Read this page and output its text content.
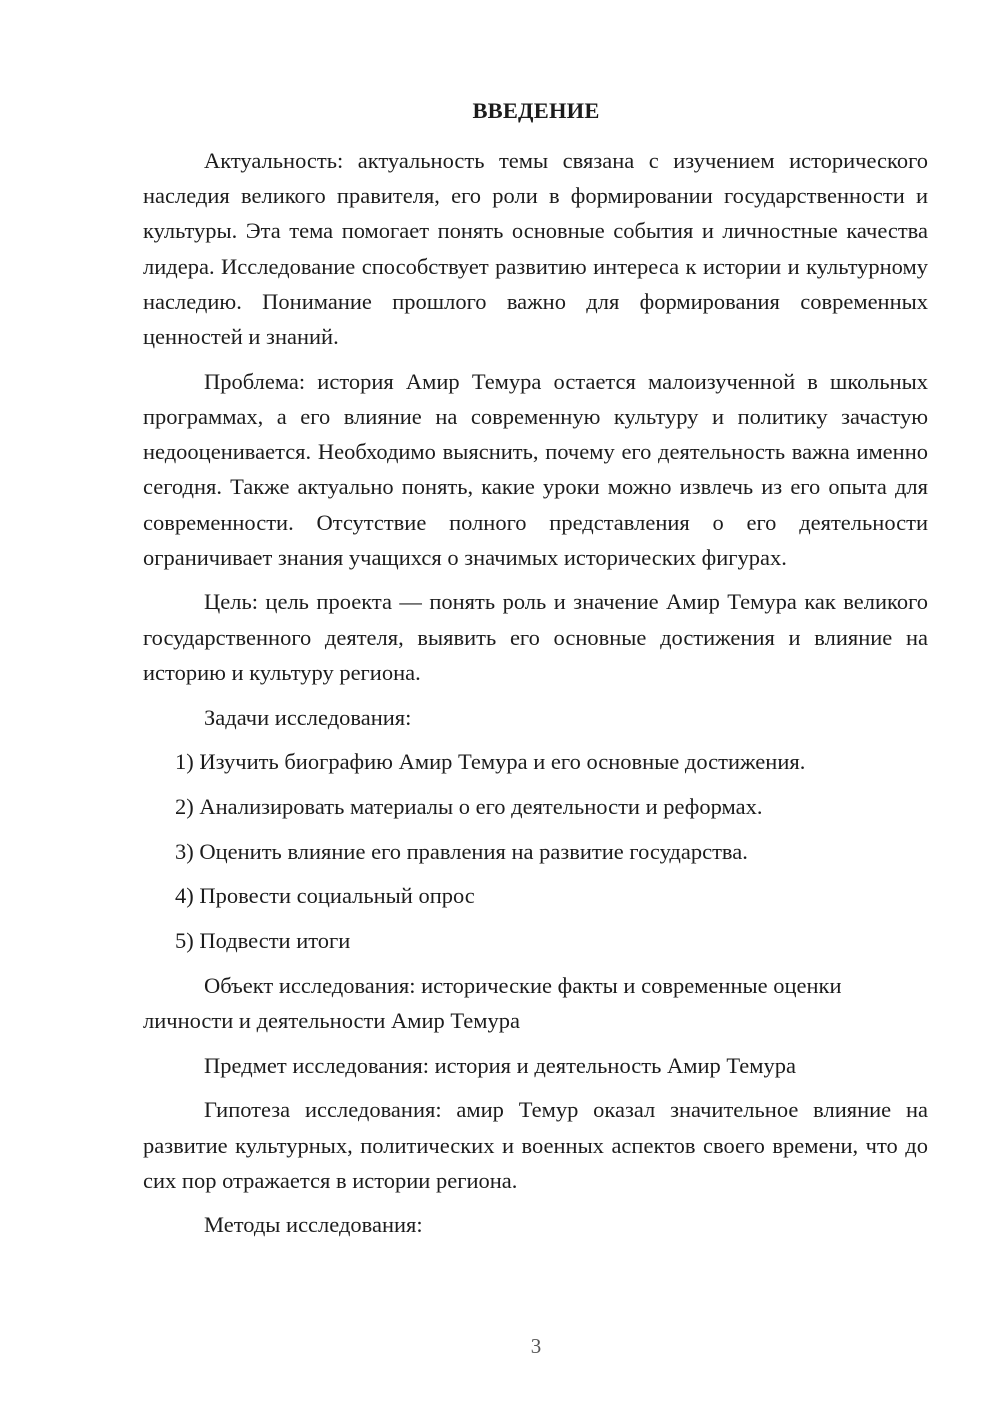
ВВЕДЕНИЕ

Актуальность: актуальность темы связана с изучением исторического наследия великого правителя, его роли в формировании государственности и культуры. Эта тема помогает понять основные события и личностные качества лидера. Исследование способствует развитию интереса к истории и культурному наследию. Понимание прошлого важно для формирования современных ценностей и знаний.

Проблема: история Амир Темура остается малоизученной в школьных программах, а его влияние на современную культуру и политику зачастую недооценивается. Необходимо выяснить, почему его деятельность важна именно сегодня. Также актуально понять, какие уроки можно извлечь из его опыта для современности. Отсутствие полного представления о его деятельности ограничивает знания учащихся о значимых исторических фигурах.

Цель: цель проекта — понять роль и значение Амир Темура как великого государственного деятеля, выявить его основные достижения и влияние на историю и культуру региона.

Задачи исследования:

1) Изучить биографию Амир Темура и его основные достижения.
2) Анализировать материалы о его деятельности и реформах.
3) Оценить влияние его правления на развитие государства.
4) Провести социальный опрос
5) Подвести итоги

Объект исследования: исторические факты и современные оценки личности и деятельности Амир Темура

Предмет исследования: история и деятельность Амир Темура

Гипотеза исследования: амир Темур оказал значительное влияние на развитие культурных, политических и военных аспектов своего времени, что до сих пор отражается в истории региона.

Методы исследования:

3
